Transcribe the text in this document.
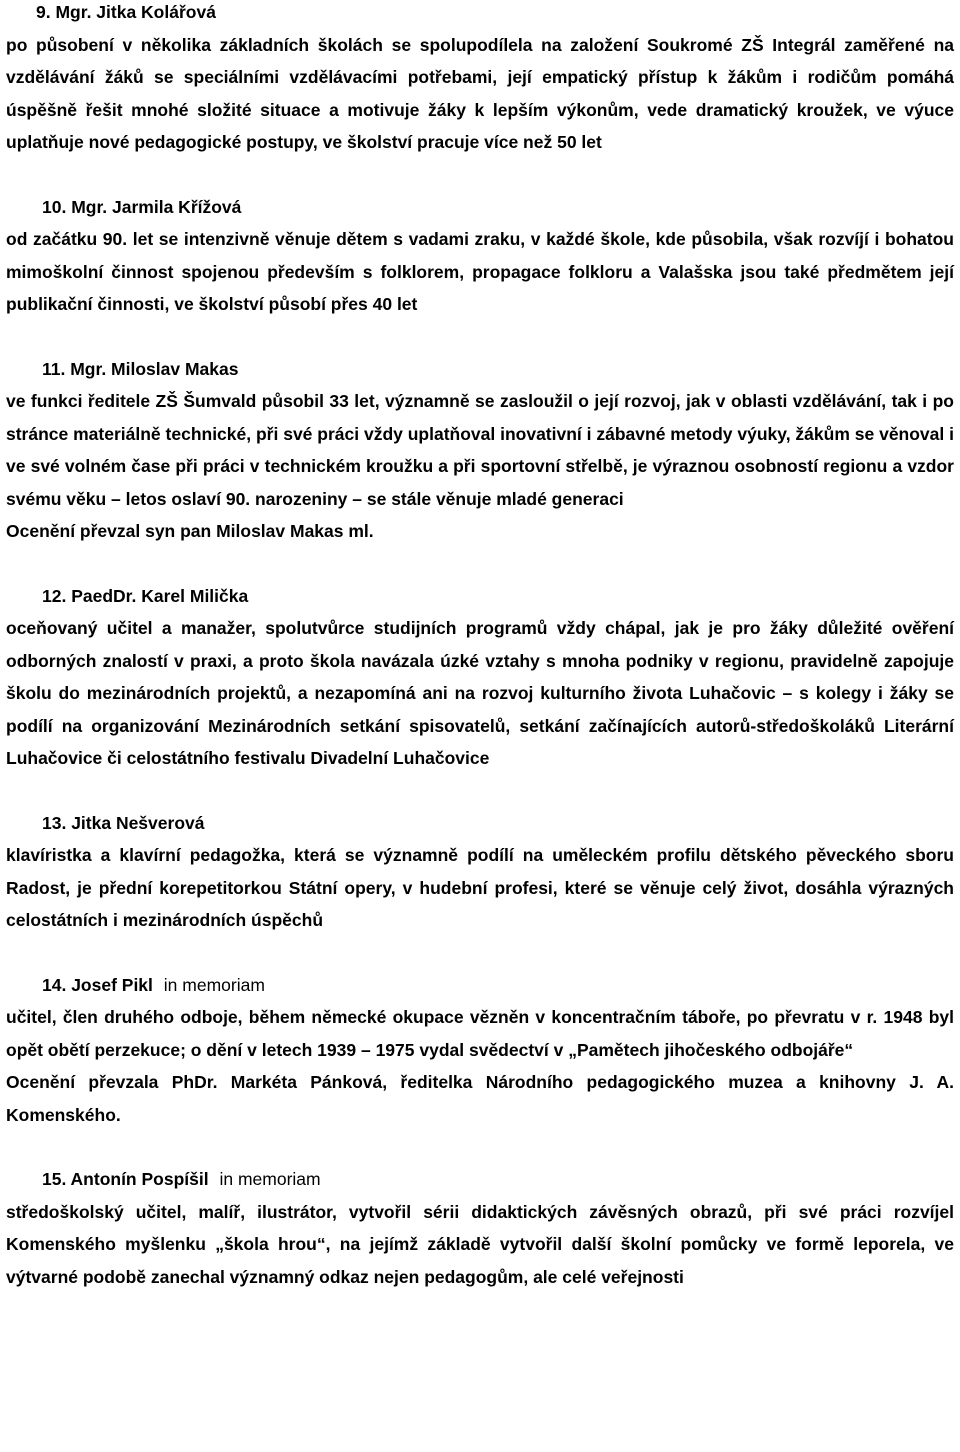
9. Mgr. Jitka Kolářová

po působení v několika základních školách se spolupodílela na založení Soukromé ZŠ Integrál zaměřené na vzdělávání žáků se speciálními vzdělávacími potřebami, její empatický přístup k žákům i rodičům pomáhá úspěšně řešit mnohé složité situace a motivuje žáky k lepším výkonům, vede dramatický kroužek, ve výuce uplatňuje nové pedagogické postupy, ve školství pracuje více než 50 let

10. Mgr. Jarmila Křížová

od začátku 90. let se intenzivně věnuje dětem s vadami zraku, v každé škole, kde působila, však rozvíjí i bohatou mimoškolní činnost spojenou především s folklorem, propagace folkloru a Valašska jsou také předmětem její publikační činnosti, ve školství působí přes 40 let

11. Mgr. Miloslav Makas

ve funkci ředitele ZŠ Šumvald působil 33 let, významně se zasloužil o její rozvoj, jak v oblasti vzdělávání, tak i po stránce materiálně technické, při své práci vždy uplatňoval inovativní i zábavné metody výuky, žákům se věnoval i ve své volném čase při práci v technickém kroužku a při sportovní střelbě, je výraznou osobností regionu a vzdor svému věku – letos oslaví 90. narozeniny – se stále věnuje mladé generaci

Ocenění převzal syn pan Miloslav Makas ml.

12. PaedDr. Karel Milička

oceňovaný učitel a manažer, spolutvůrce studijních programů vždy chápal, jak je pro žáky důležité ověření odborných znalostí v praxi, a proto škola navázala úzké vztahy s mnoha podniky v regionu, pravidelně zapojuje školu do mezinárodních projektů, a nezapomíná ani na rozvoj kulturního života Luhačovic – s kolegy i žáky se podílí na organizování Mezinárodních setkání spisovatelů, setkání začínajících autorů-středoškoláků Literární Luhačovice či celostátního festivalu Divadelní Luhačovice

13. Jitka Nešverová

klavíristka a klavírní pedagožka, která se významně podílí na uměleckém profilu dětského pěveckého sboru Radost, je přední korepetitorkou Státní opery, v hudební profesi, které se věnuje celý život, dosáhla výrazných celostátních i mezinárodních úspěchů

14. Josef Pikl in memoriam

učitel, člen druhého odboje, během německé okupace vězněn v koncentračním táboře, po převratu v r. 1948 byl opět obětí perzekuce; o dění v letech 1939 – 1975 vydal svědectví v „Pamětech jihočeského odbojáře“

Ocenění převzala PhDr. Markéta Pánková, ředitelka Národního pedagogického muzea a knihovny J. A. Komenského.

15. Antonín Pospíšil in memoriam

středoškolský učitel, malíř, ilustrátor, vytvořil sérii didaktických závěsných obrazů, při své práci rozvíjel Komenského myšlenku „škola hrou“, na jejímž základě vytvořil další školní pomůcky ve formě leporela, ve výtvarné podobě zanechal významný odkaz nejen pedagogům, ale celé veřejnosti
